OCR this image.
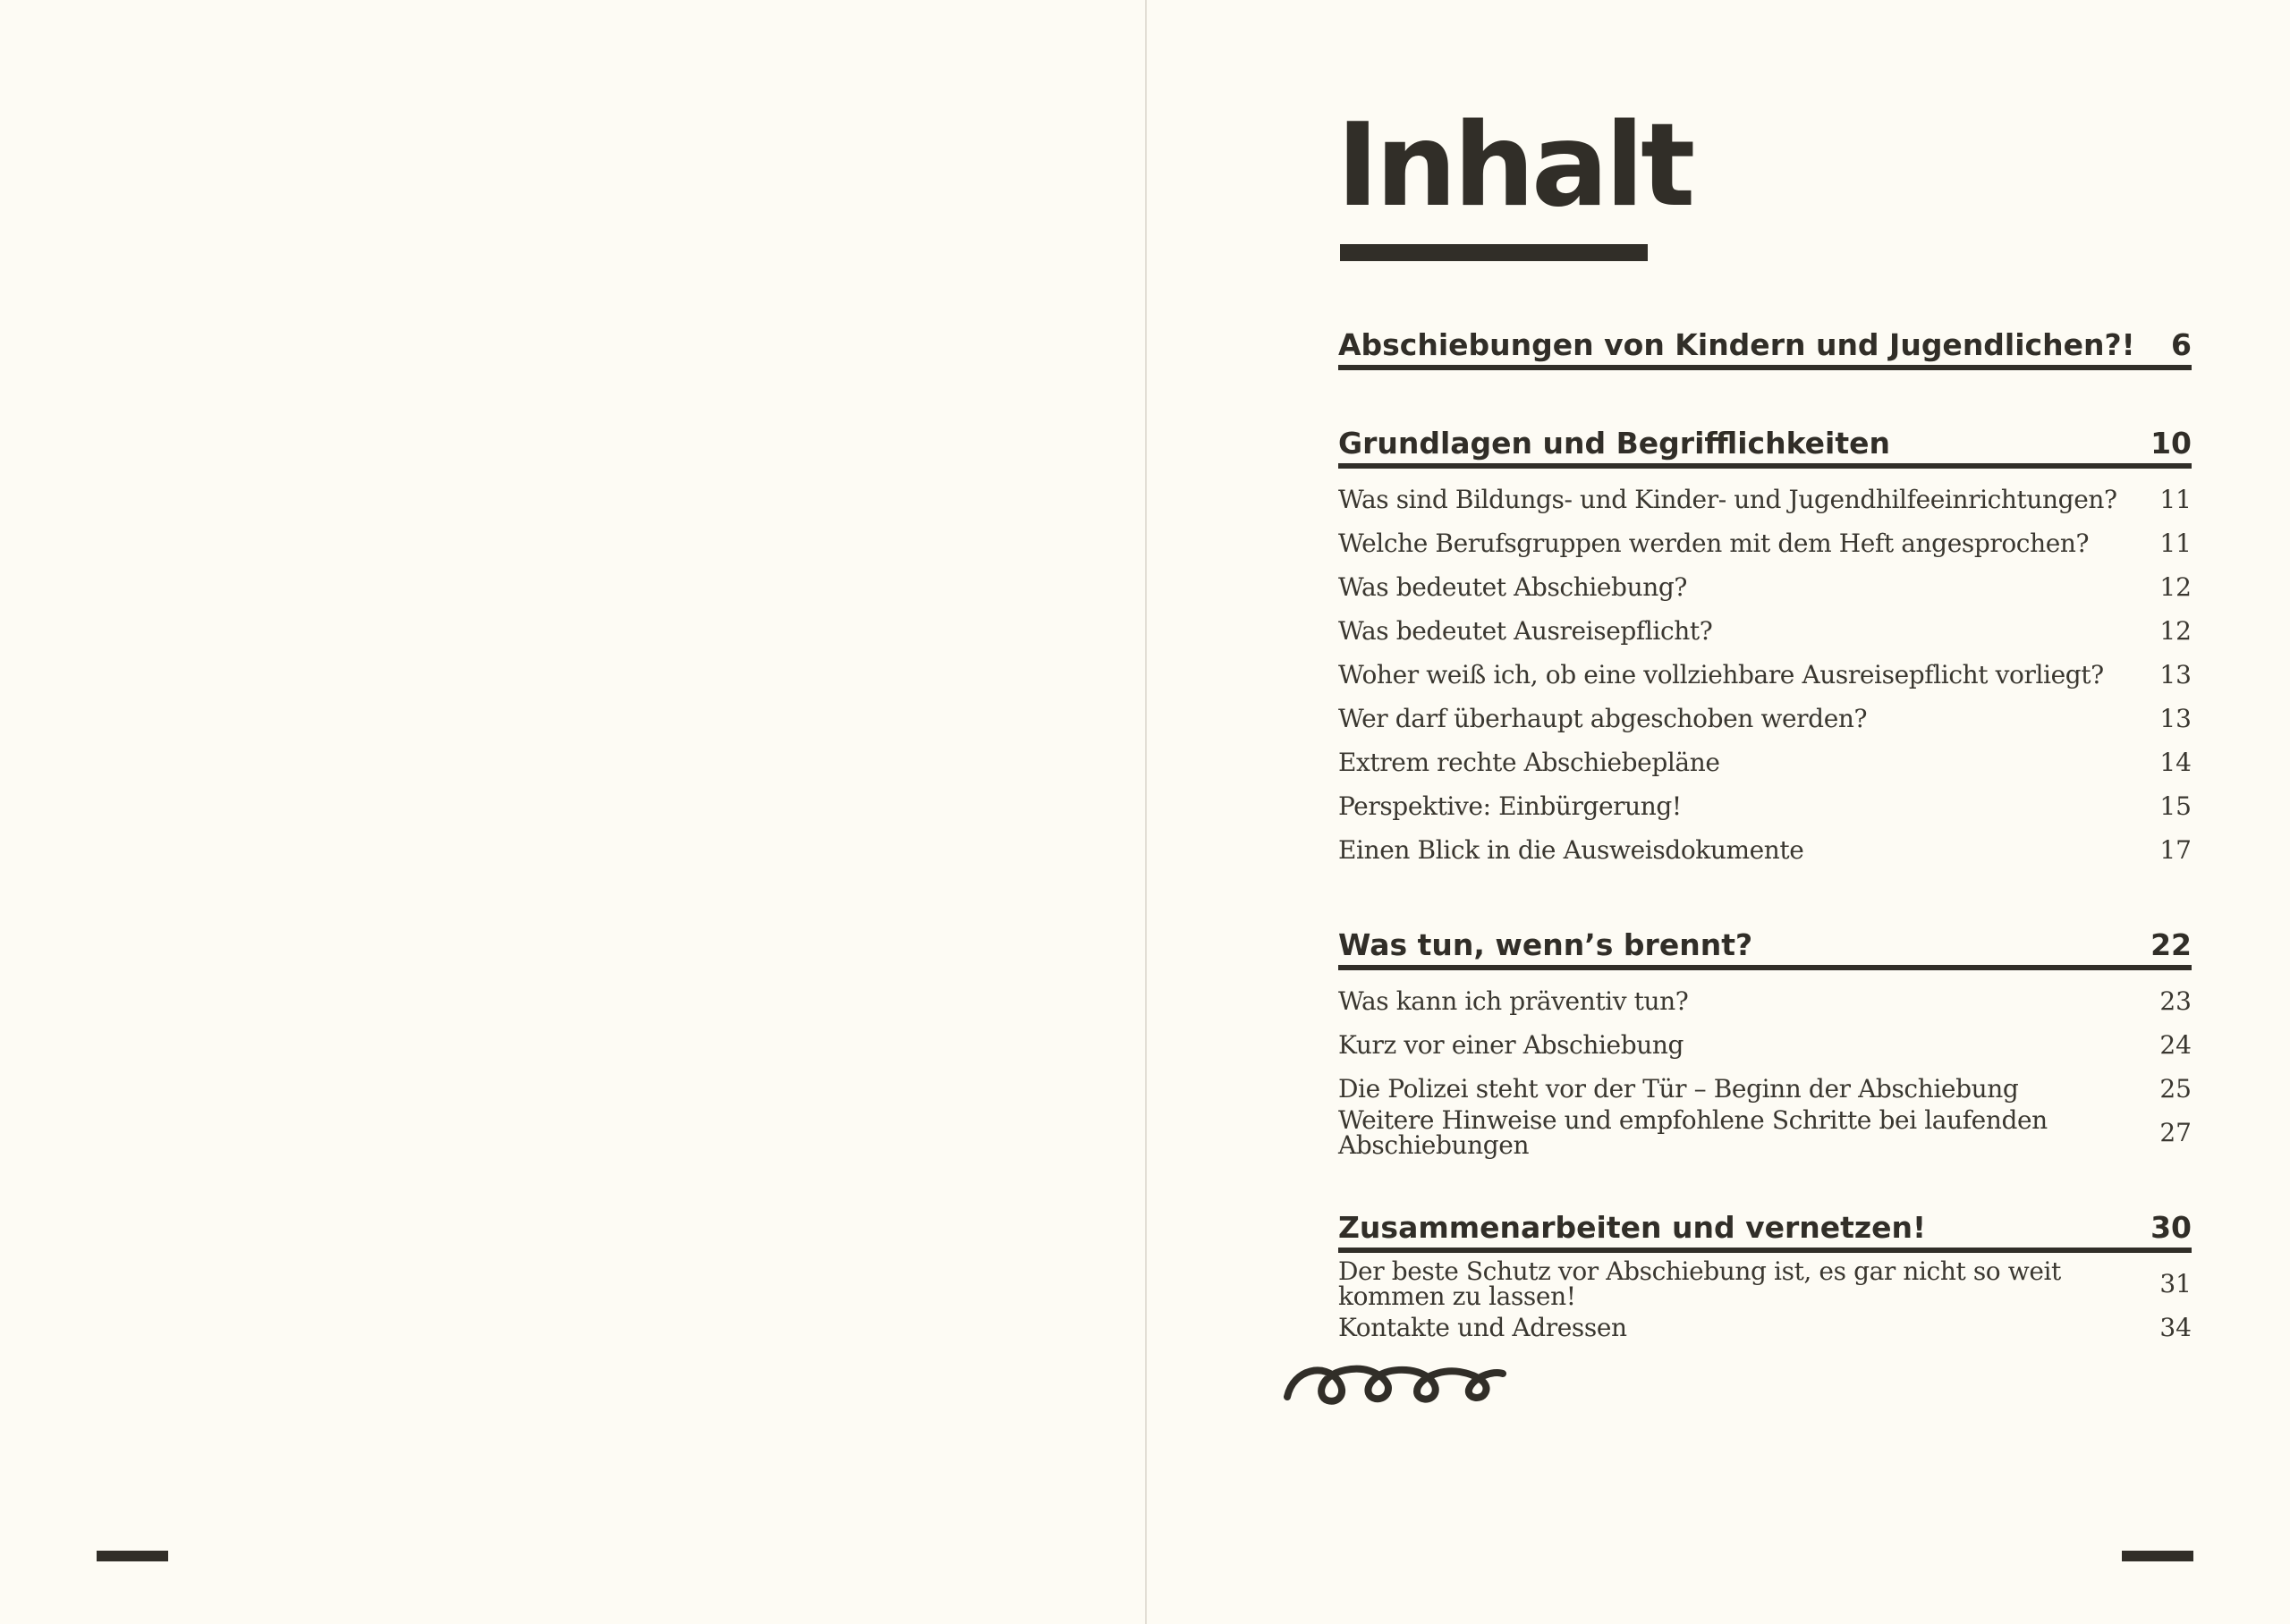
Inhalt
Abschiebungen von Kindern und Jugendlichen?! 6
Grundlagen und Begrifflichkeiten	10
Was sind Bildungs- und Kinder- und Jugendhilfeeinrichtungen? 11
Welche Berufsgruppen werden mit dem Heft angesprochen?	11
Was bedeutet Abschiebung?	12
Was bedeutet Ausreisepflicht?	12
Woher weiß ich, ob eine vollziehbare Ausreisepflicht vorliegt? 13
Wer darf überhaupt abgeschoben werden?	13
Extrem rechte Abschiebepläne	14
Perspektive: Einbürgerung!	15
Einen Blick in die Ausweisdokumente	17
Was tun, wenn’s brennt?	22
Was kann ich präventiv tun?	23
Kurz vor einer Abschiebung	24
Die Polizei steht vor der Tür – Beginn der Abschiebung	25
Weitere Hinweise und empfohlene Schritte bei laufenden Abschiebungen	27
Zusammenarbeiten und vernetzen!	30
Der beste Schutz vor Abschiebung ist, es gar nicht so weit kommen zu lassen!	31
Kontakte und Adressen	34
